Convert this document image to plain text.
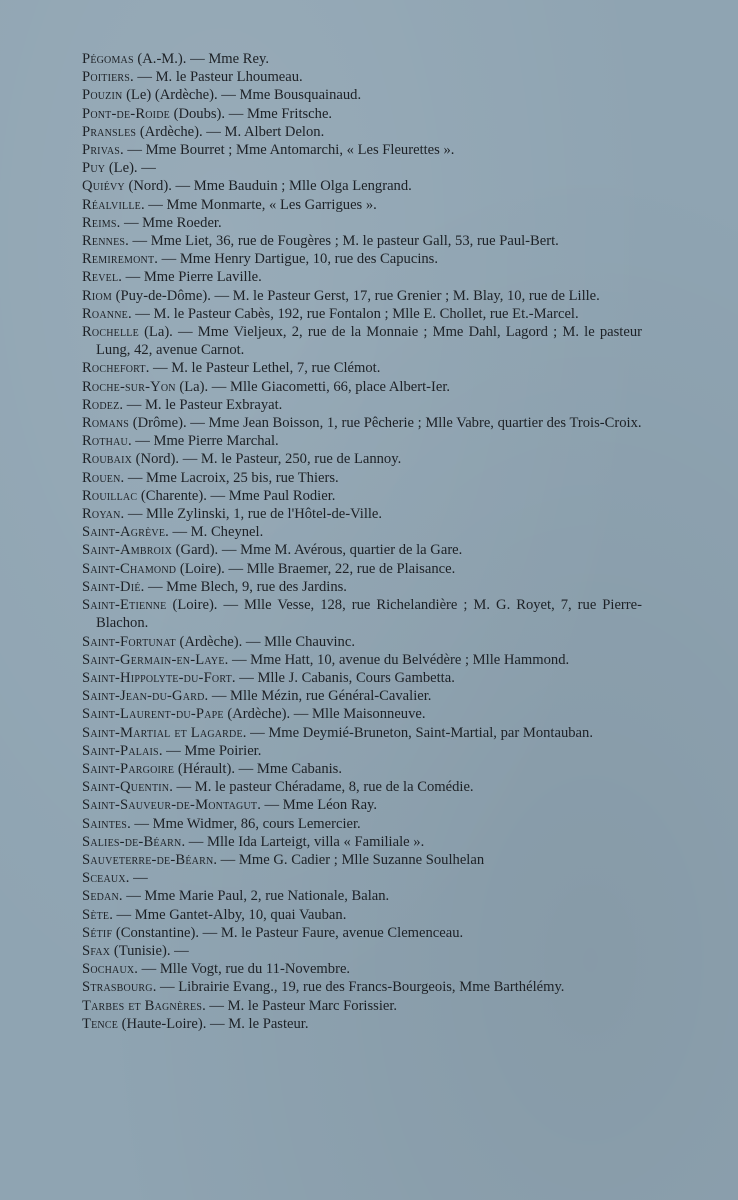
Pégomas (A.-M.). — Mme Rey.
Poitiers. — M. le Pasteur Lhoumeau.
Pouzin (Le) (Ardèche). — Mme Bousquainaud.
Pont-de-Roide (Doubs). — Mme Fritsche.
Pransles (Ardèche). — M. Albert Delon.
Privas. — Mme Bourret ; Mme Antomarchi, « Les Fleurettes ».
Puy (Le). —
Quiévy (Nord). — Mme Bauduin ; Mlle Olga Lengrand.
Réalville. — Mme Monmarte, « Les Garrigues ».
Reims. — Mme Roeder.
Rennes. — Mme Liet, 36, rue de Fougères ; M. le pasteur Gall, 53, rue Paul-Bert.
Remiremont. — Mme Henry Dartigue, 10, rue des Capucins.
Revel. — Mme Pierre Laville.
Riom (Puy-de-Dôme). — M. le Pasteur Gerst, 17, rue Grenier ; M. Blay, 10, rue de Lille.
Roanne. — M. le Pasteur Cabès, 192, rue Fontalon ; Mlle E. Chollet, rue Et.-Marcel.
Rochelle (La). — Mme Vieljeux, 2, rue de la Monnaie ; Mme Dahl, Lagord ; M. le pasteur Lung, 42, avenue Carnot.
Rochefort. — M. le Pasteur Lethel, 7, rue Clémot.
Roche-sur-Yon (La). — Mlle Giacometti, 66, place Albert-Ier.
Rodez. — M. le Pasteur Exbrayat.
Romans (Drôme). — Mme Jean Boisson, 1, rue Pêcherie ; Mlle Vabre, quartier des Trois-Croix.
Rothau. — Mme Pierre Marchal.
Roubaix (Nord). — M. le Pasteur, 250, rue de Lannoy.
Rouen. — Mme Lacroix, 25 bis, rue Thiers.
Rouillac (Charente). — Mme Paul Rodier.
Royan. — Mlle Zylinski, 1, rue de l'Hôtel-de-Ville.
Saint-Agrève. — M. Cheynel.
Saint-Ambroix (Gard). — Mme M. Avérous, quartier de la Gare.
Saint-Chamond (Loire). — Mlle Braemer, 22, rue de Plaisance.
Saint-Dié. — Mme Blech, 9, rue des Jardins.
Saint-Etienne (Loire). — Mlle Vesse, 128, rue Richelandière ; M. G. Royet, 7, rue Pierre-Blachon.
Saint-Fortunat (Ardèche). — Mlle Chauvinc.
Saint-Germain-en-Laye. — Mme Hatt, 10, avenue du Belvédère ; Mlle Hammond.
Saint-Hippolyte-du-Fort. — Mlle J. Cabanis, Cours Gambetta.
Saint-Jean-du-Gard. — Mlle Mézin, rue Général-Cavalier.
Saint-Laurent-du-Pape (Ardèche). — Mlle Maisonneuve.
Saint-Martial et Lagarde. — Mme Deymié-Bruneton, Saint-Martial, par Montauban.
Saint-Palais. — Mme Poirier.
Saint-Pargoire (Hérault). — Mme Cabanis.
Saint-Quentin. — M. le pasteur Chéradame, 8, rue de la Comédie.
Saint-Sauveur-de-Montagut. — Mme Léon Ray.
Saintes. — Mme Widmer, 86, cours Lemercier.
Salies-de-Béarn. — Mlle Ida Larteigt, villa « Familiale ».
Sauveterre-de-Béarn. — Mme G. Cadier ; Mlle Suzanne Soulhelan
Sceaux. —
Sedan. — Mme Marie Paul, 2, rue Nationale, Balan.
Sète. — Mme Gantet-Alby, 10, quai Vauban.
Sétif (Constantine). — M. le Pasteur Faure, avenue Clemenceau.
Sfax (Tunisie). —
Sochaux. — Mlle Vogt, rue du 11-Novembre.
Strasbourg. — Librairie Evang., 19, rue des Francs-Bourgeois, Mme Barthélémy.
Tarbes et Bagnères. — M. le Pasteur Marc Forissier.
Tence (Haute-Loire). — M. le Pasteur.
